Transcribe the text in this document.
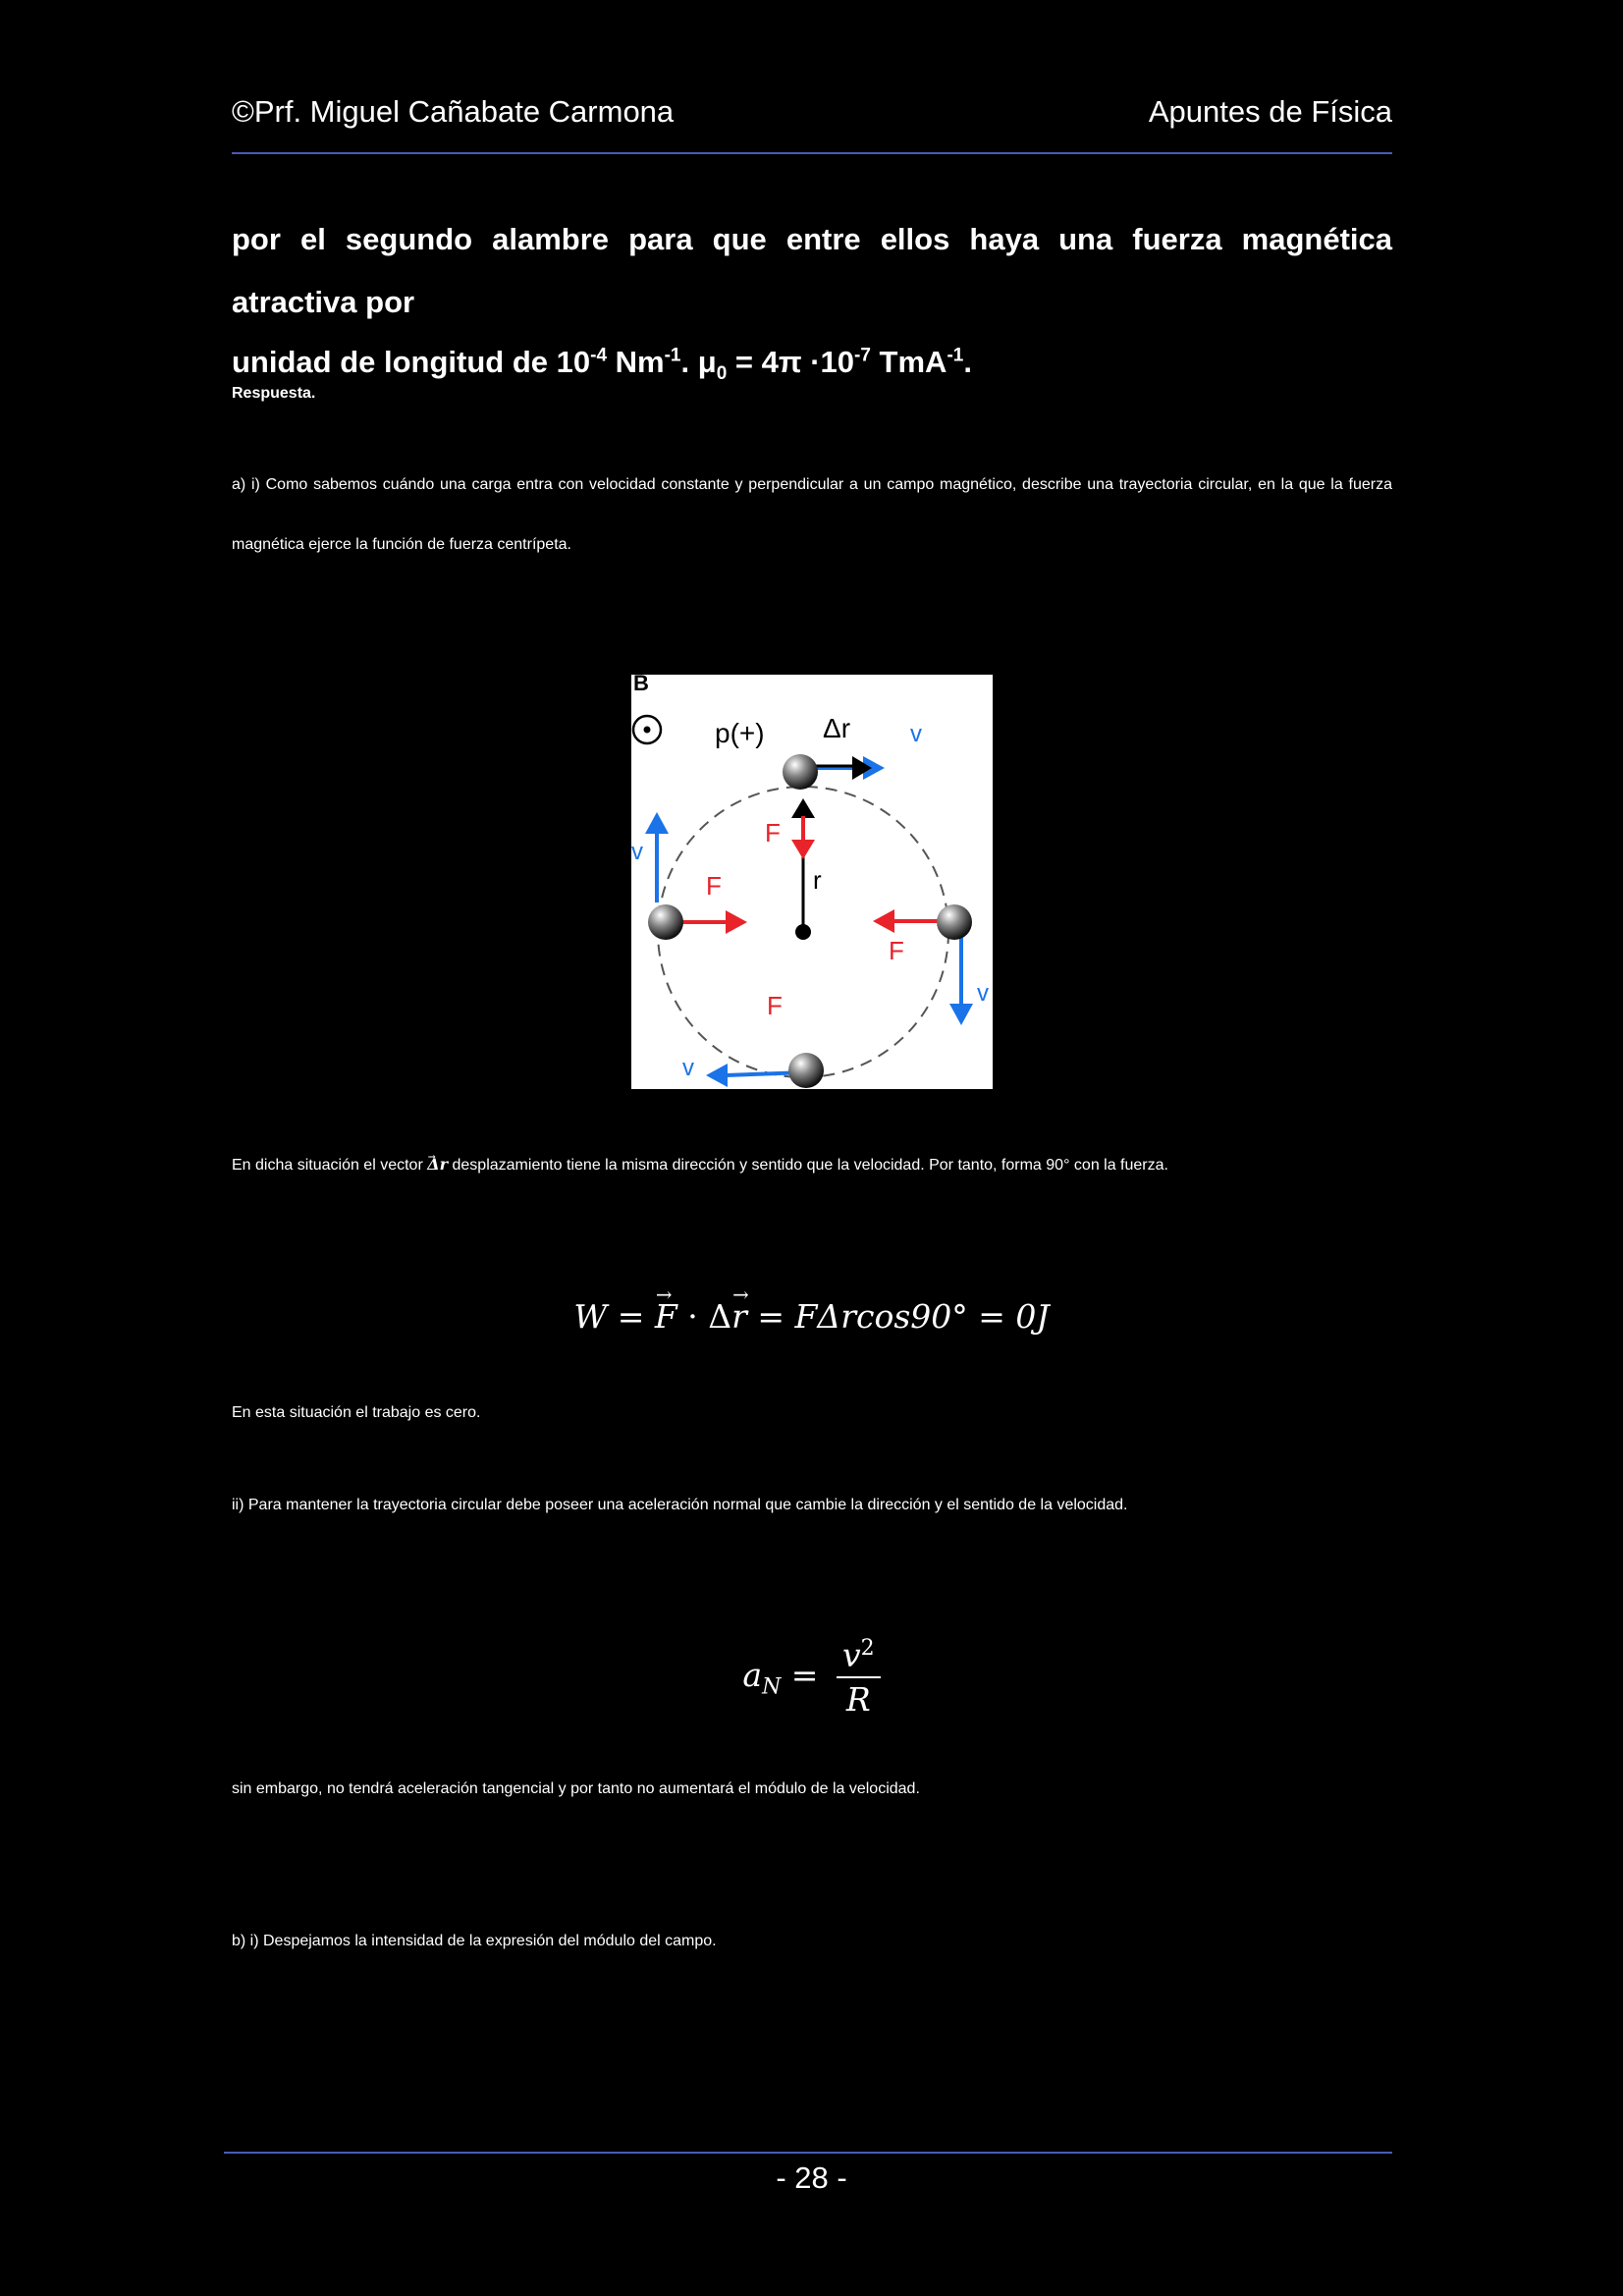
©Prf. Miguel Cañabate Carmona	Apuntes de Física

por el segundo alambre para que entre ellos haya una fuerza magnética atractiva por

unidad de longitud de $10^{-4}$ $Nm^{-1}$. $\mu_0 = 4\pi \cdot 10^{-7}$ TmA$^{-1}$.

Respuesta.

a) i) Como sabemos cuándo una carga entra con velocidad constante y perpendicular a un campo magnético, describe una trayectoria circular, en la que la fuerza magnética ejerce la función de fuerza centrípeta.

B
p(+) Δr	v
r
F
v
F
F
v
F
v

En dicha situación el vector → Δr desplazamiento tiene la misma dirección y sentido que la velocidad. Por tanto, forma 90° con la fuerza.

W = → F · Δ→ r = FΔrcos90° = 0J

En esta situación el trabajo es cero.

ii) Para mantener la trayectoria circular debe poseer una aceleración normal que cambie la dirección y el sentido de la velocidad.

$a_N = \frac{v^2}{R}$

sin embargo, no tendrá aceleración tangencial y por tanto no aumentará el módulo de la velocidad.

b) i) Despejamos la intensidad de la expresión del módulo del campo.

- 28 -
